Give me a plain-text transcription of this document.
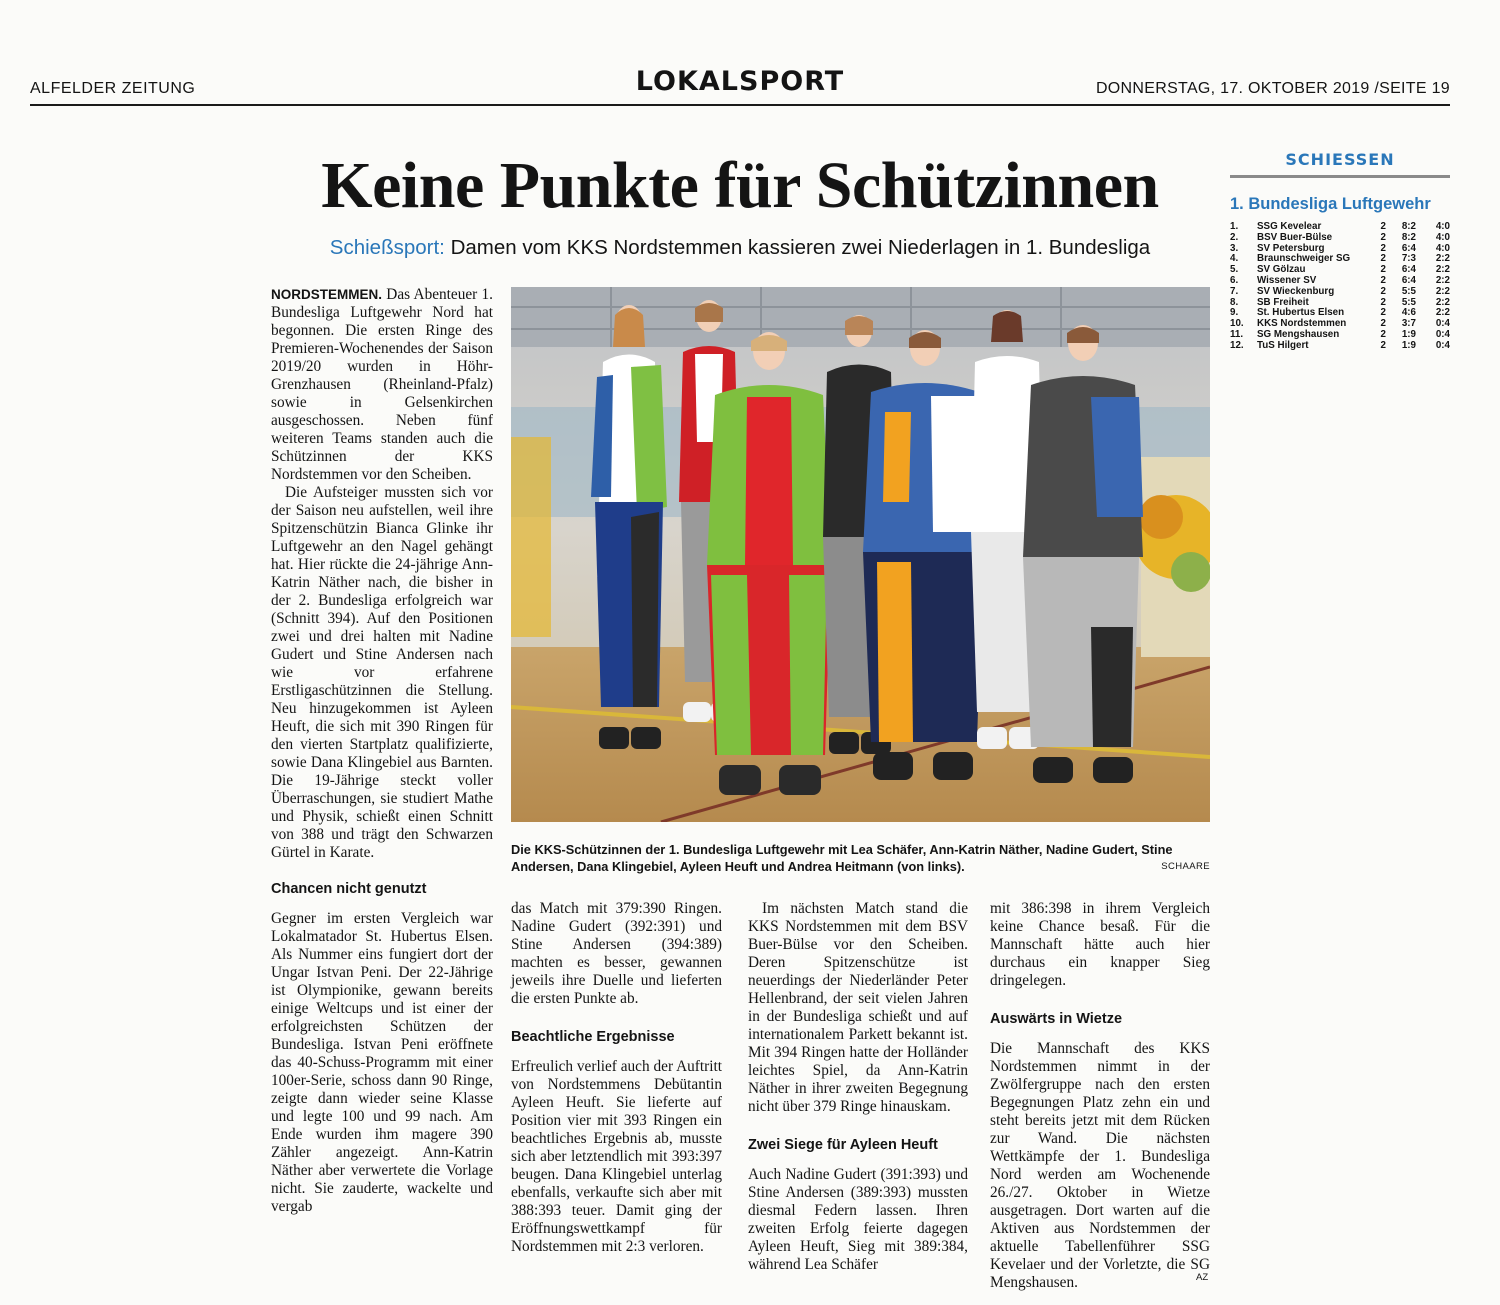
ALFELDER ZEITUNG	LOKALSPORT	DONNERSTAG, 17. OKTOBER 2019 /SEITE 19
Keine Punkte für Schützinnen
Schießsport: Damen vom KKS Nordstemmen kassieren zwei Niederlagen in 1. Bundesliga

NORDSTEMMEN. Das Abenteuer 1. Bundesliga Luftgewehr Nord hat begonnen. Die ersten Ringe des Premieren-Wochenendes der Saison 2019/20 wurden in Höhr-Grenzhausen (Rheinland-Pfalz) sowie in Gelsenkirchen ausgeschossen. Neben fünf weiteren Teams standen auch die Schützinnen der KKS Nordstemmen vor den Scheiben.

Die Aufsteiger mussten sich vor der Saison neu aufstellen, weil ihre Spitzenschützin Bianca Glinke ihr Luftgewehr an den Nagel gehängt hat. Hier rückte die 24-jährige Ann-Katrin Näther nach, die bisher in der 2. Bundesliga erfolgreich war (Schnitt 394). Auf den Positionen zwei und drei halten mit Nadine Gudert und Stine Andersen nach wie vor erfahrene Erstligaschützinnen die Stellung. Neu hinzugekommen ist Ayleen Heuft, die sich mit 390 Ringen für den vierten Startplatz qualifizierte, sowie Dana Klingebiel aus Barnten. Die 19-Jährige steckt voller Überraschungen, sie studiert Mathe und Physik, schießt einen Schnitt von 388 und trägt den Schwarzen Gürtel in Karate.

Chancen nicht genutzt

Gegner im ersten Vergleich war Lokalmatador St. Hubertus Elsen. Als Nummer eins fungiert dort der Ungar Istvan Peni. Der 22-Jährige ist Olympionike, gewann bereits einige Weltcups und ist einer der erfolgreichsten Schützen der Bundesliga. Istvan Peni eröffnete das 40-Schuss-Programm mit einer 100er-Serie, schoss dann 90 Ringe, zeigte dann wieder seine Klasse und legte 100 und 99 nach. Am Ende wurden ihm magere 390 Zähler angezeigt. Ann-Katrin Näther aber verwertete die Vorlage nicht. Sie zauderte, wackelte und vergab

Die KKS-Schützinnen der 1. Bundesliga Luftgewehr mit Lea Schäfer, Ann-Katrin Näther, Nadine Gudert, Stine Andersen, Dana Klingebiel, Ayleen Heuft und Andrea Heitmann (von links).	SCHAARE

das Match mit 379:390 Ringen. Nadine Gudert (392:391) und Stine Andersen (394:389) machten es besser, gewannen jeweils ihre Duelle und lieferten die ersten Punkte ab.

Beachtliche Ergebnisse

Erfreulich verlief auch der Auftritt von Nordstemmens Debütantin Ayleen Heuft. Sie lieferte auf Position vier mit 393 Ringen ein beachtliches Ergebnis ab, musste sich aber letztendlich mit 393:397 beugen. Dana Klingebiel unterlag ebenfalls, verkaufte sich aber mit 388:393 teuer. Damit ging der Eröffnungswettkampf für Nordstemmen mit 2:3 verloren.

Im nächsten Match stand die KKS Nordstemmen mit dem BSV Buer-Bülse vor den Scheiben. Deren Spitzenschütze ist neuerdings der Niederländer Peter Hellenbrand, der seit vielen Jahren in der Bundesliga schießt und auf internationalem Parkett bekannt ist. Mit 394 Ringen hatte der Holländer leichtes Spiel, da Ann-Katrin Näther in ihrer zweiten Begegnung nicht über 379 Ringe hinauskam.

Zwei Siege für Ayleen Heuft

Auch Nadine Gudert (391:393) und Stine Andersen (389:393) mussten diesmal Federn lassen. Ihren zweiten Erfolg feierte dagegen Ayleen Heuft, Sieg mit 389:384, während Lea Schäfer

mit 386:398 in ihrem Vergleich keine Chance besaß. Für die Mannschaft hätte auch hier durchaus ein knapper Sieg dringelegen.

Auswärts in Wietze

Die Mannschaft des KKS Nordstemmen nimmt in der Zwölfergruppe nach den ersten Begegnungen Platz zehn ein und steht bereits jetzt mit dem Rücken zur Wand. Die nächsten Wettkämpfe der 1. Bundesliga Nord werden am Wochenende 26./27. Oktober in Wietze ausgetragen. Dort warten auf die Aktiven aus Nordstemmen der aktuelle Tabellenführer SSG Kevelaer und der Vorletzte, die SG Mengshausen.	AZ
SCHIESSEN
1. Bundesliga Luftgewehr
1.	SSG Kevelear	2	8:2	4:0
2.	BSV Buer-Bülse	2	8:2	4:0
3.	SV Petersburg	2	6:4	4:0
4.	Braunschweiger SG	2	7:3	2:2
5.	SV Gölzau	2	6:4	2:2
6.	Wissener SV	2	6:4	2:2
7.	SV Wieckenburg	2	5:5	2:2
8.	SB Freiheit	2	5:5	2:2
9.	St. Hubertus Elsen	2	4:6	2:2
10.	KKS Nordstemmen	2	3:7	0:4
11.	SG Mengshausen	2	1:9	0:4
12.	TuS Hilgert	2	1:9	0:4
